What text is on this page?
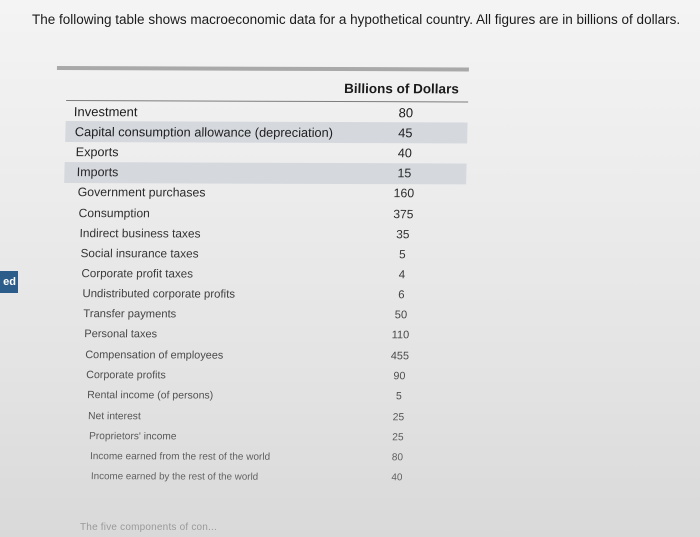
The following table shows macroeconomic data for a hypothetical country. All figures are in billions of dollars.
ed
Billions of Dollars
Investment	80
Capital consumption allowance (depreciation)	45
Exports	40
Imports	15
Government purchases	160
Consumption	375
Indirect business taxes	35
Social insurance taxes	5
Corporate profit taxes	4
Undistributed corporate profits	6
Transfer payments	50
Personal taxes	110
Compensation of employees	455
Corporate profits	90
Rental income (of persons)	5
Net interest	25
Proprietors' income	25
Income earned from the rest of the world	80
Income earned by the rest of the world	40
The five components of con...
